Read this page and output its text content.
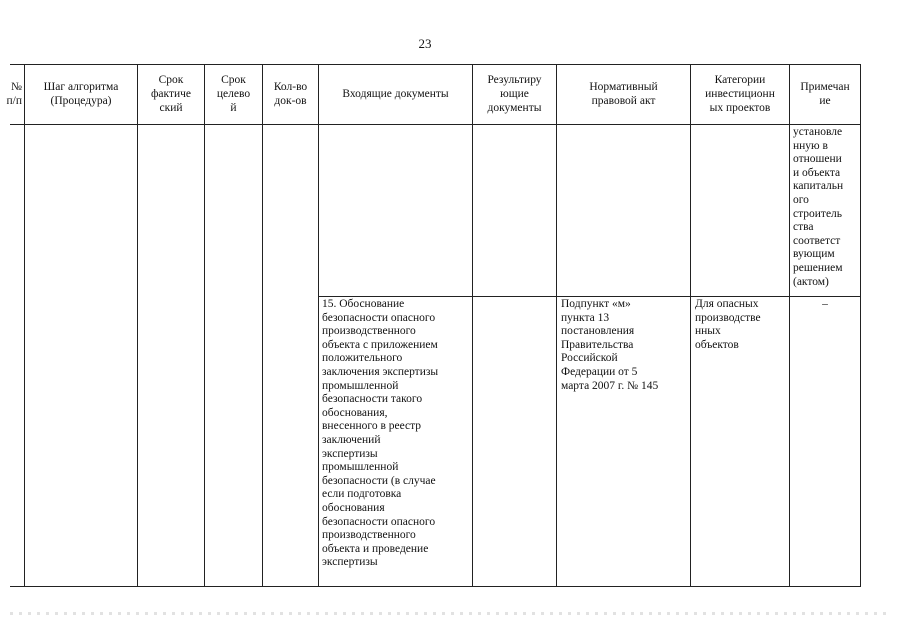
23
№
п/п
Шаг алгоритма
(Процедура)
Срок
фактиче
ский
Срок
целево
й
Кол-во
док-ов
Входящие документы
Результиру
ющие
документы
Нормативный
правовой акт
Категории
инвестиционн
ых проектов
Примечан
ие
установле
нную в
отношени
и объекта
капитальн
ого
строитель
ства
соответст
вующим
решением
(актом)
15. Обоснование
безопасности опасного
производственного
объекта с приложением
положительного
заключения экспертизы
промышленной
безопасности такого
обоснования,
внесенного в реестр
заключений
экспертизы
промышленной
безопасности (в случае
если подготовка
обоснования
безопасности опасного
производственного
объекта и проведение
экспертизы
Подпункт «м»
пункта 13
постановления
Правительства
Российской
Федерации от 5
марта 2007 г. № 145
Для опасных
производстве
нных
объектов
–
